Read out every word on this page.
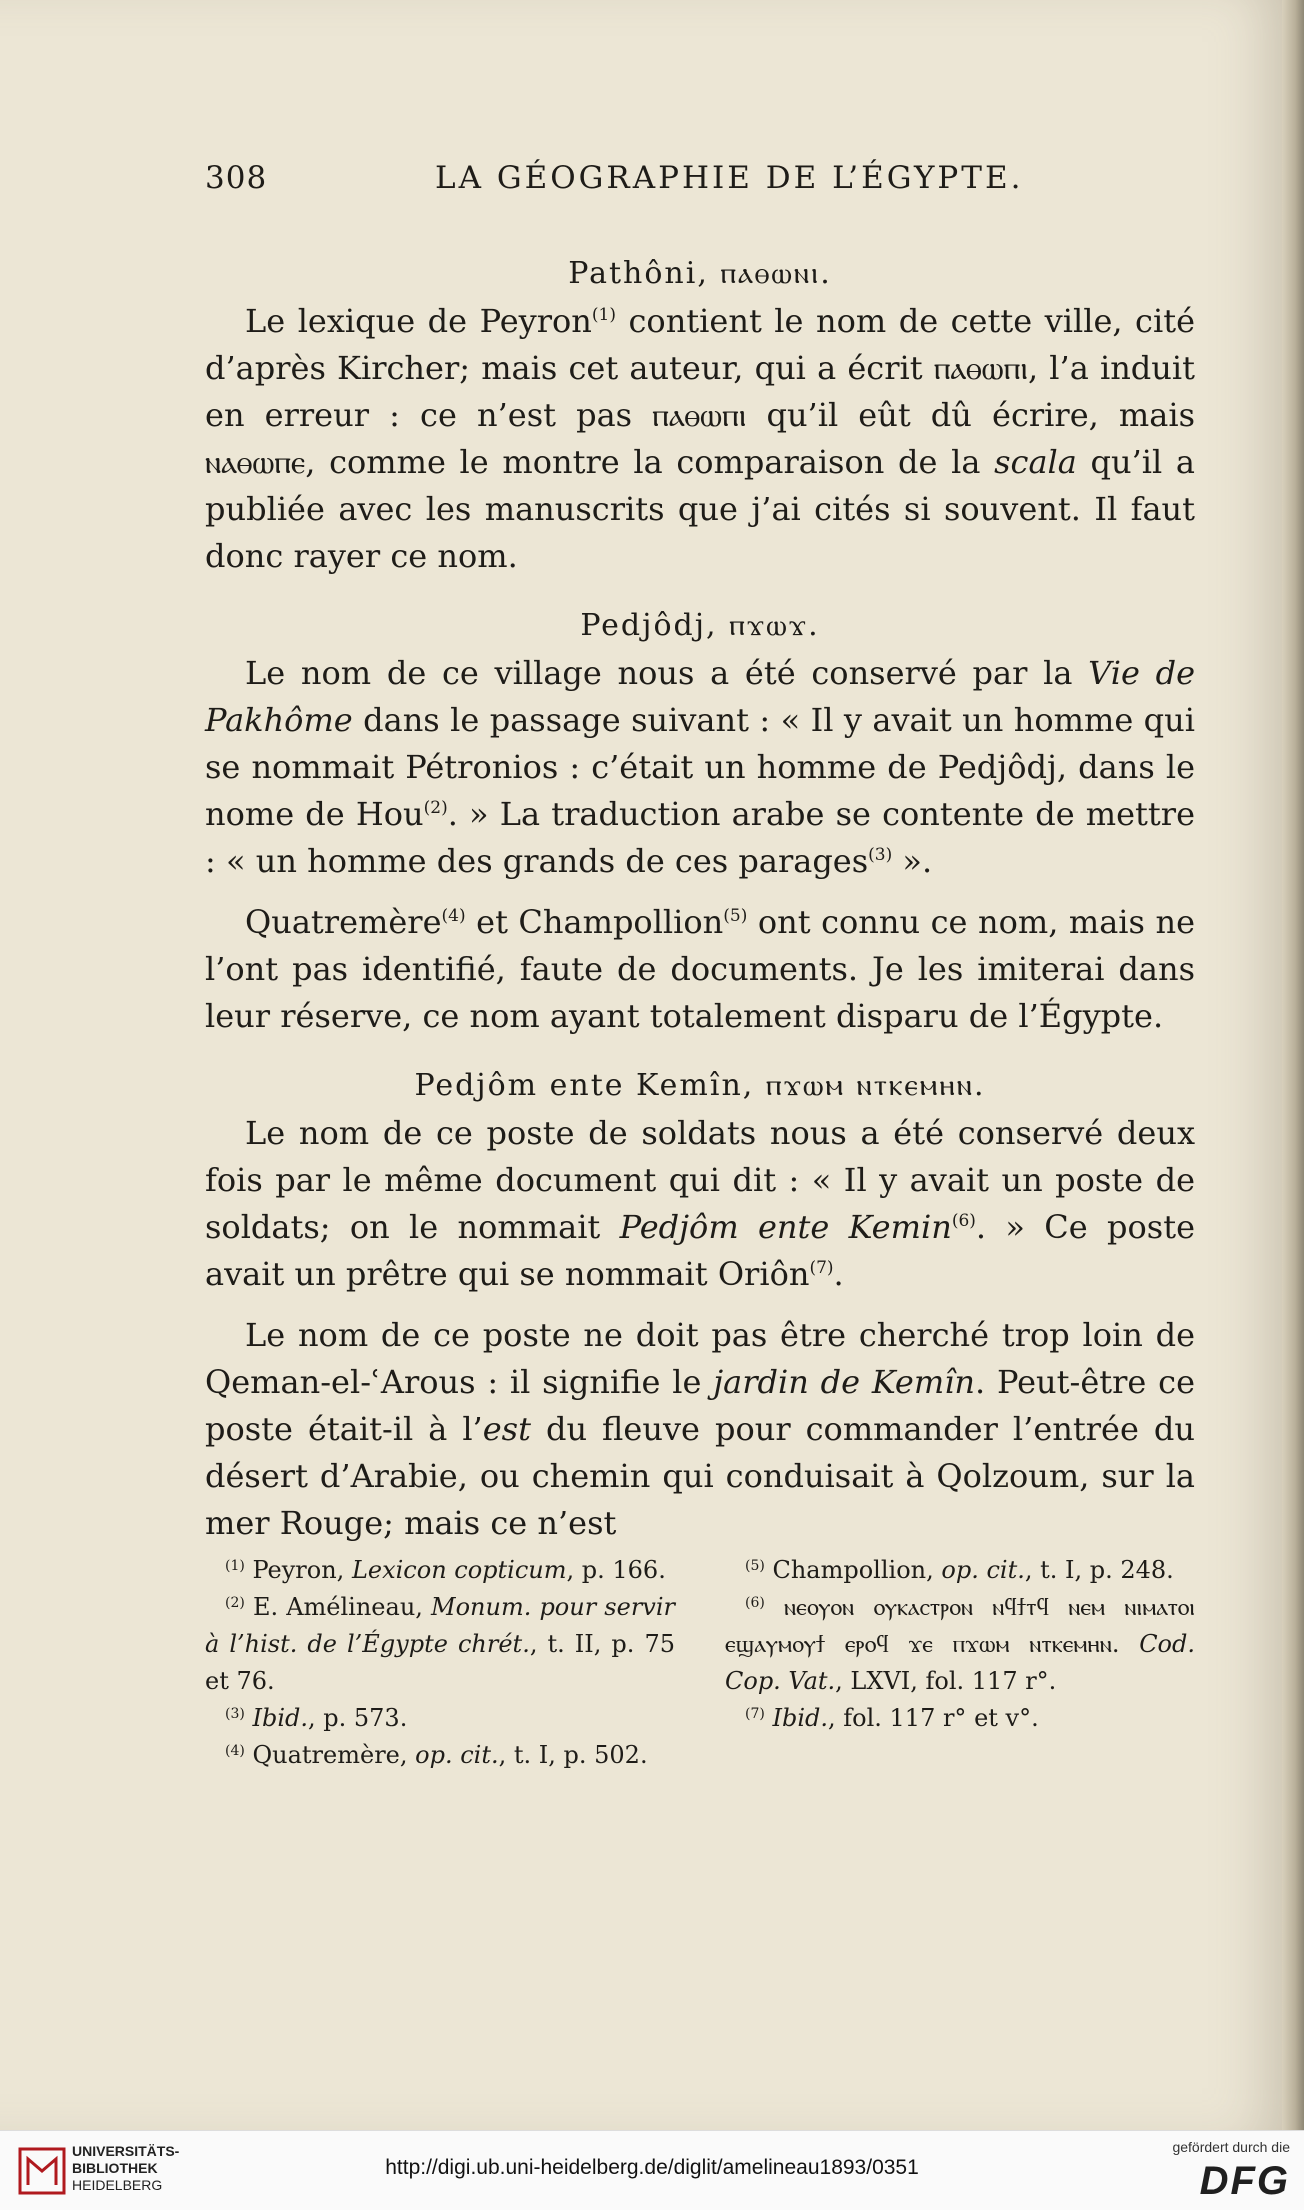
308	LA GÉOGRAPHIE DE L’ÉGYPTE.
Pathôni, ⲡⲁⲑⲱⲛⲓ.

Le lexique de Peyron$^{(1)}$ contient le nom de cette ville, cité d’après Kircher; mais cet auteur, qui a écrit ⲡⲁⲑⲱⲡⲓ, l’a induit en erreur : ce n’est pas ⲡⲁⲑⲱⲡⲓ qu’il eût dû écrire, mais ⲛⲁⲑⲱⲡⲉ, comme le montre la comparaison de la scala qu’il a publiée avec les manuscrits que j’ai cités si souvent. Il faut donc rayer ce nom.

Pedjôdj, ⲡϫⲱϫ.

Le nom de ce village nous a été conservé par la Vie de Pakhôme dans le passage suivant : « Il y avait un homme qui se nommait Pétronios : c’était un homme de Pedjôdj, dans le nome de Hou$^{(2)}$. » La traduction arabe se contente de mettre : « un homme des grands de ces parages$^{(3)}$ ».

Quatremère$^{(4)}$ et Champollion$^{(5)}$ ont connu ce nom, mais ne l’ont pas identifié, faute de documents. Je les imiterai dans leur réserve, ce nom ayant totalement disparu de l’Égypte.

Pedjôm ente Kemîn, ⲡϫⲱⲙ ⲛⲧⲕⲉⲙⲏⲛ.

Le nom de ce poste de soldats nous a été conservé deux fois par le même document qui dit : « Il y avait un poste de soldats; on le nommait Pedjôm ente Kemin$^{(6)}$. » Ce poste avait un prêtre qui se nommait Oriôn$^{(7)}$.

Le nom de ce poste ne doit pas être cherché trop loin de Qeman-el-ʿArous : il signifie le jardin de Kemîn. Peut-être ce poste était-il à l’est du fleuve pour commander l’entrée du désert d’Arabie, ou chemin qui conduisait à Qolzoum, sur la mer Rouge; mais ce n’est

$^{(1)}$ Peyron, Lexicon copticum, p. 166.

$^{(2)}$ E. Amélineau, Monum. pour servir à l’hist. de l’Égypte chrét., t. II, p. 75 et 76.

$^{(3)}$ Ibid., p. 573.

$^{(4)}$ Quatremère, op. cit., t. I, p. 502.

$^{(5)}$ Champollion, op. cit., t. I, p. 248.

$^{(6)}$ ⲛⲉⲟⲩⲟⲛ ⲟⲩⲕⲁⲥⲧⲣⲟⲛ ⲛϥϯⲧϥ ⲛⲉⲙ ⲛⲓⲙⲁⲧⲟⲓ ⲉϣⲁⲩⲙⲟⲩϯ ⲉⲣⲟϥ ϫⲉ ⲡϫⲱⲙ ⲛⲧⲕⲉⲙⲏⲛ. Cod. Cop. Vat., LXVI, fol. 117 r°.

$^{(7)}$ Ibid., fol. 117 r° et v°.

UNIVERSITÄTS-
BIBLIOTHEK
HEIDELBERG
http://digi.ub.uni-heidelberg.de/diglit/amelineau1893/0351
gefördert durch die
DFG
